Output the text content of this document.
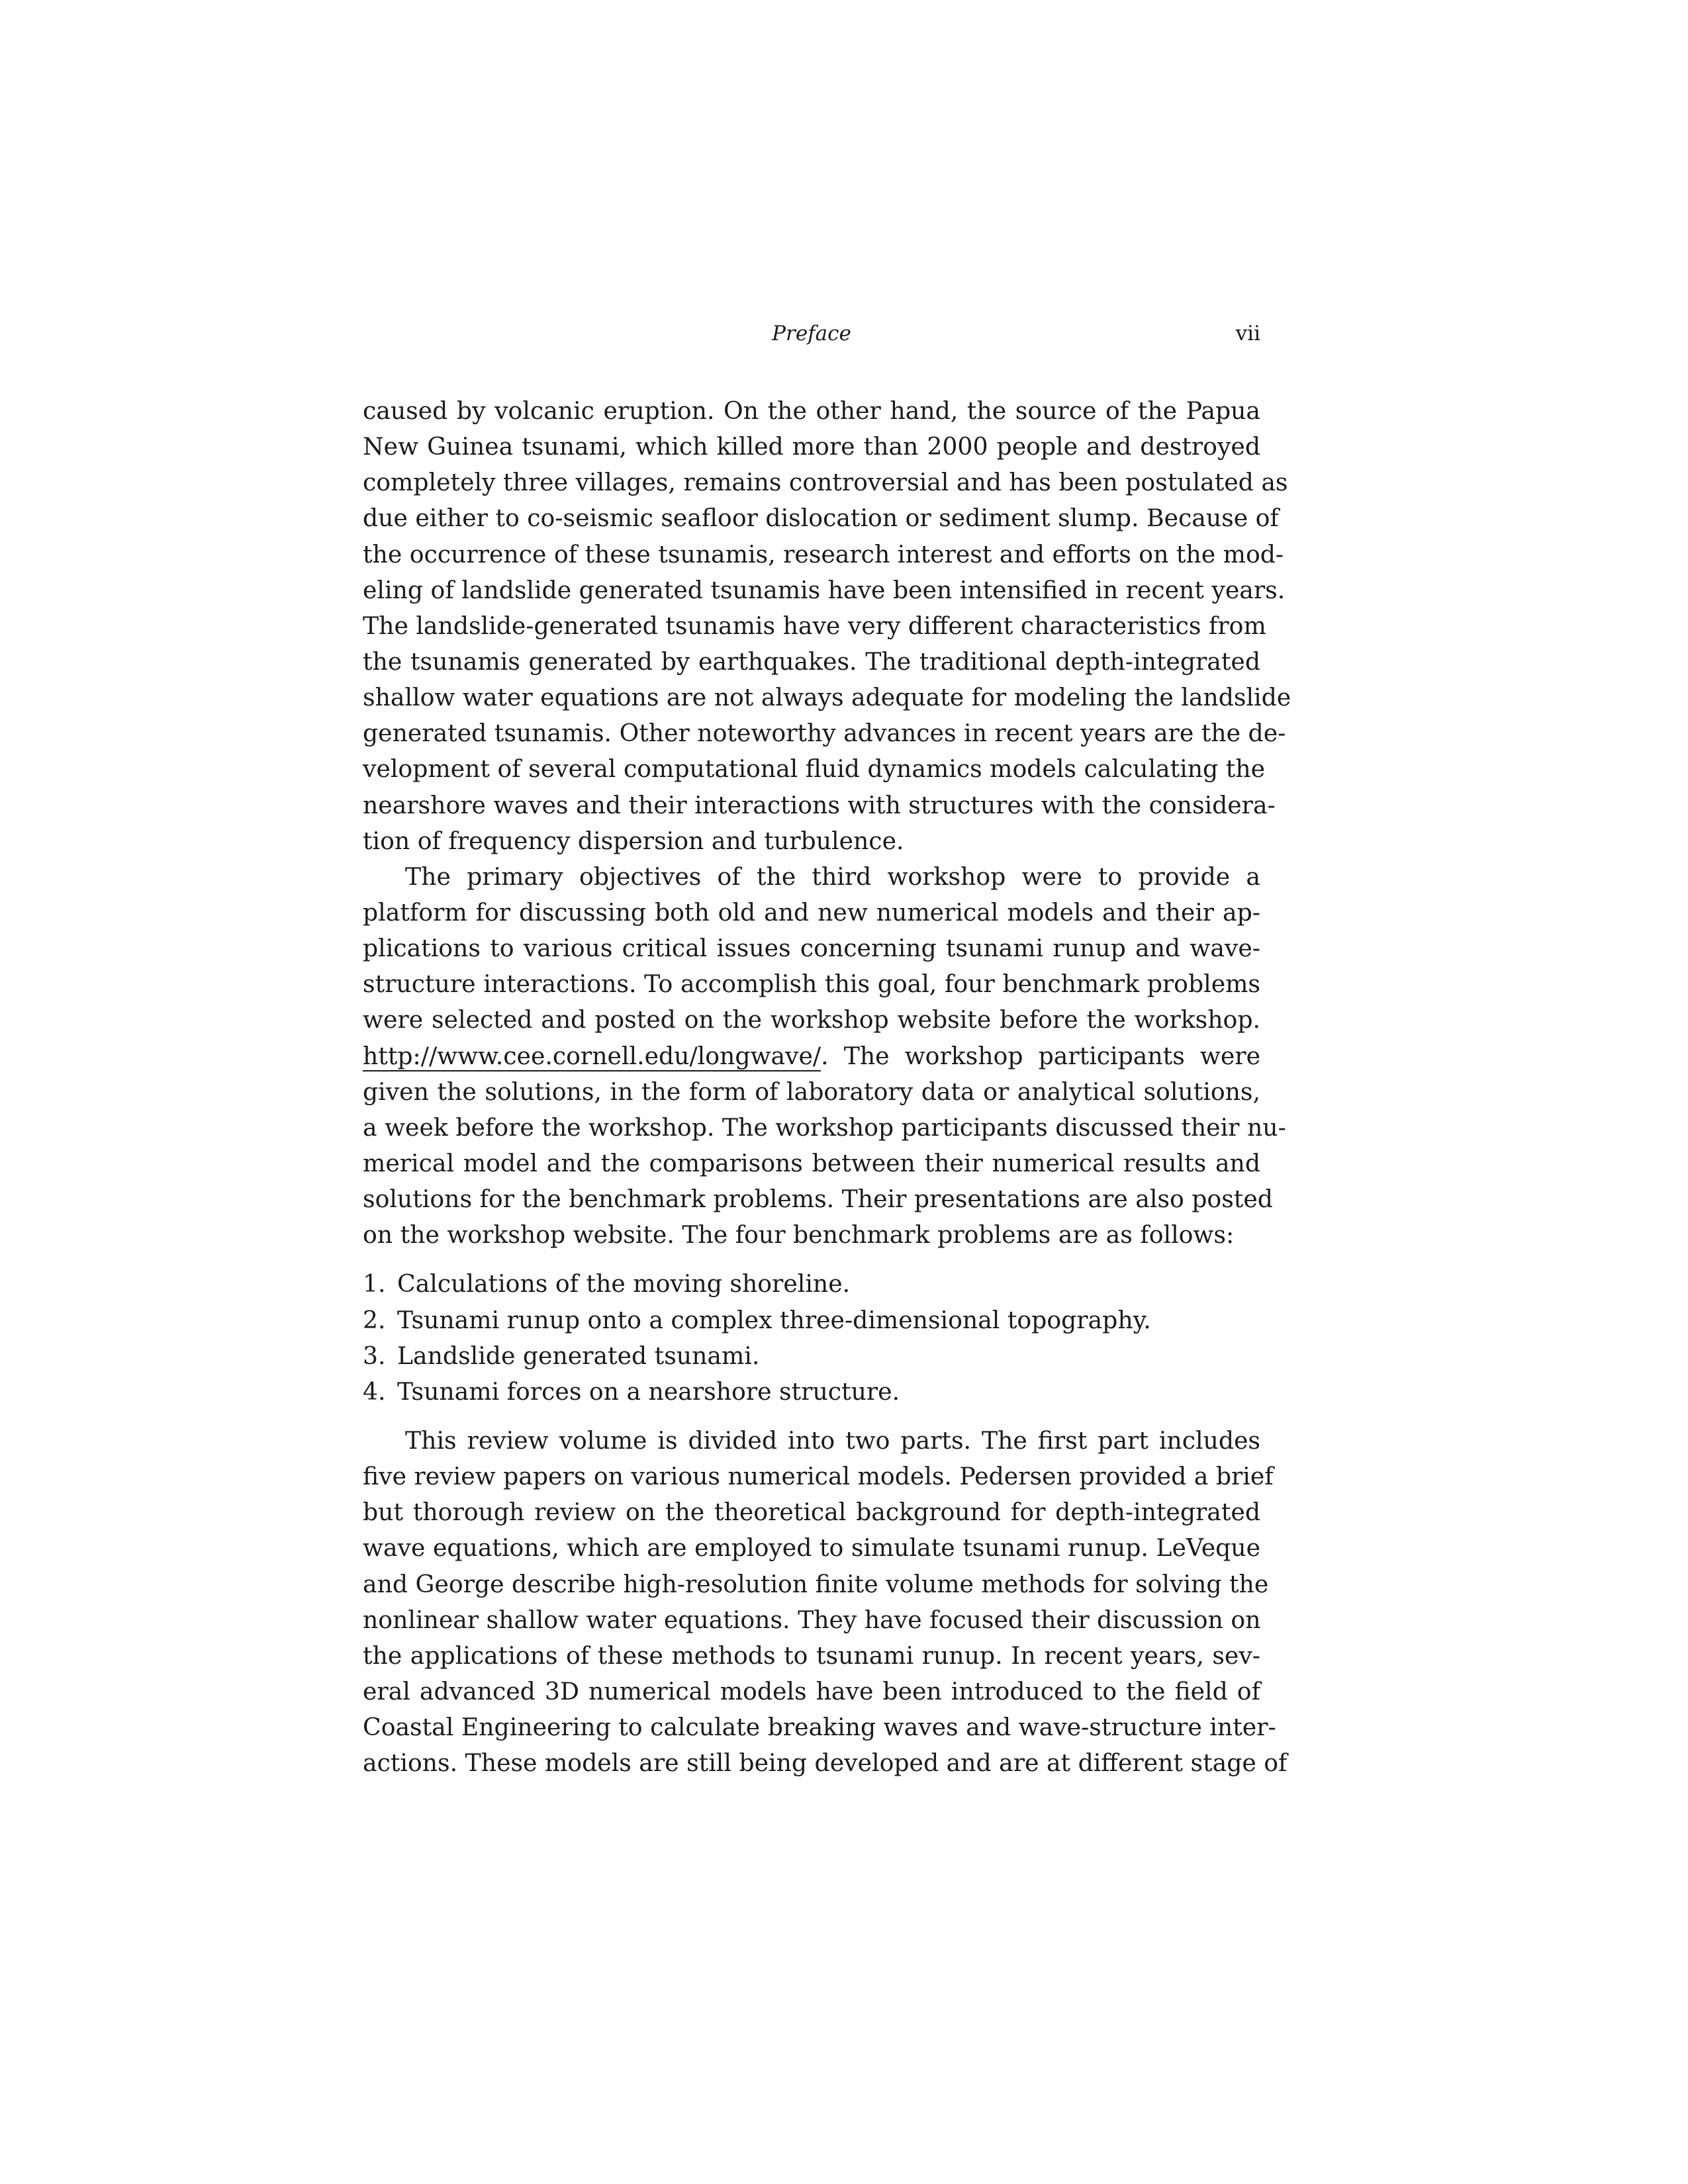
Preface	vii
caused by volcanic eruption. On the other hand, the source of the Papua
New Guinea tsunami, which killed more than 2000 people and destroyed
completely three villages, remains controversial and has been postulated as
due either to co-seismic seafloor dislocation or sediment slump. Because of
the occurrence of these tsunamis, research interest and efforts on the mod-
eling of landslide generated tsunamis have been intensified in recent years.
The landslide-generated tsunamis have very different characteristics from
the tsunamis generated by earthquakes. The traditional depth-integrated
shallow water equations are not always adequate for modeling the landslide
generated tsunamis. Other noteworthy advances in recent years are the de-
velopment of several computational fluid dynamics models calculating the
nearshore waves and their interactions with structures with the considera-
tion of frequency dispersion and turbulence.
The primary objectives of the third workshop were to provide a
platform for discussing both old and new numerical models and their ap-
plications to various critical issues concerning tsunami runup and wave-
structure interactions. To accomplish this goal, four benchmark problems
were selected and posted on the workshop website before the workshop.
http://www.cee.cornell.edu/longwave/. The workshop participants were
given the solutions, in the form of laboratory data or analytical solutions,
a week before the workshop. The workshop participants discussed their nu-
merical model and the comparisons between their numerical results and
solutions for the benchmark problems. Their presentations are also posted
on the workshop website. The four benchmark problems are as follows:
1. Calculations of the moving shoreline.
2. Tsunami runup onto a complex three-dimensional topography.
3. Landslide generated tsunami.
4. Tsunami forces on a nearshore structure.
This review volume is divided into two parts. The first part includes
five review papers on various numerical models. Pedersen provided a brief
but thorough review on the theoretical background for depth-integrated
wave equations, which are employed to simulate tsunami runup. LeVeque
and George describe high-resolution finite volume methods for solving the
nonlinear shallow water equations. They have focused their discussion on
the applications of these methods to tsunami runup. In recent years, sev-
eral advanced 3D numerical models have been introduced to the field of
Coastal Engineering to calculate breaking waves and wave-structure inter-
actions. These models are still being developed and are at different stage of
